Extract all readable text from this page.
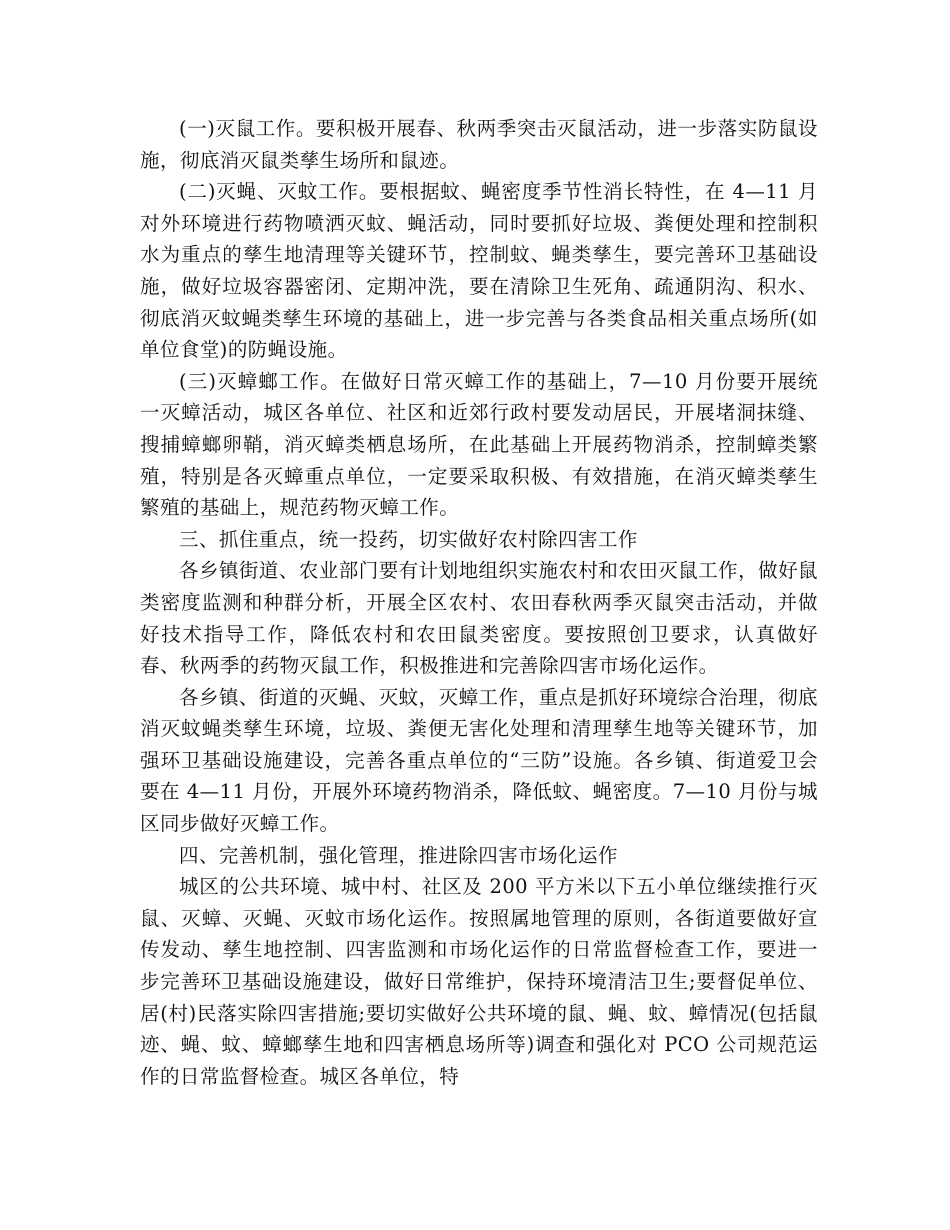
(一)灭鼠工作。要积极开展春、秋两季突击灭鼠活动，进一步落实防鼠设施，彻底消灭鼠类孳生场所和鼠迹。

(二)灭蝇、灭蚊工作。要根据蚊、蝇密度季节性消长特性，在 4—11 月对外环境进行药物喷洒灭蚊、蝇活动，同时要抓好垃圾、粪便处理和控制积水为重点的孳生地清理等关键环节，控制蚊、蝇类孳生，要完善环卫基础设施，做好垃圾容器密闭、定期冲洗，要在清除卫生死角、疏通阴沟、积水、彻底消灭蚊蝇类孳生环境的基础上，进一步完善与各类食品相关重点场所(如单位食堂)的防蝇设施。

(三)灭蟑螂工作。在做好日常灭蟑工作的基础上，7—10 月份要开展统一灭蟑活动，城区各单位、社区和近郊行政村要发动居民，开展堵洞抹缝、搜捕蟑螂卵鞘，消灭蟑类栖息场所，在此基础上开展药物消杀，控制蟑类繁殖，特别是各灭蟑重点单位，一定要采取积极、有效措施，在消灭蟑类孳生繁殖的基础上，规范药物灭蟑工作。

三、抓住重点，统一投药，切实做好农村除四害工作

各乡镇街道、农业部门要有计划地组织实施农村和农田灭鼠工作，做好鼠类密度监测和种群分析，开展全区农村、农田春秋两季灭鼠突击活动，并做好技术指导工作，降低农村和农田鼠类密度。要按照创卫要求，认真做好春、秋两季的药物灭鼠工作，积极推进和完善除四害市场化运作。

各乡镇、街道的灭蝇、灭蚊，灭蟑工作，重点是抓好环境综合治理，彻底消灭蚊蝇类孳生环境，垃圾、粪便无害化处理和清理孳生地等关键环节，加强环卫基础设施建设，完善各重点单位的“三防”设施。各乡镇、街道爱卫会要在 4—11 月份，开展外环境药物消杀，降低蚊、蝇密度。7—10 月份与城区同步做好灭蟑工作。

四、完善机制，强化管理，推进除四害市场化运作

城区的公共环境、城中村、社区及 200 平方米以下五小单位继续推行灭鼠、灭蟑、灭蝇、灭蚊市场化运作。按照属地管理的原则，各街道要做好宣传发动、孳生地控制、四害监测和市场化运作的日常监督检查工作，要进一步完善环卫基础设施建设，做好日常维护，保持环境清洁卫生;要督促单位、居(村)民落实除四害措施;要切实做好公共环境的鼠、蝇、蚊、蟑情况(包括鼠迹、蝇、蚊、蟑螂孳生地和四害栖息场所等)调查和强化对 PCO 公司规范运作的日常监督检查。城区各单位，特
